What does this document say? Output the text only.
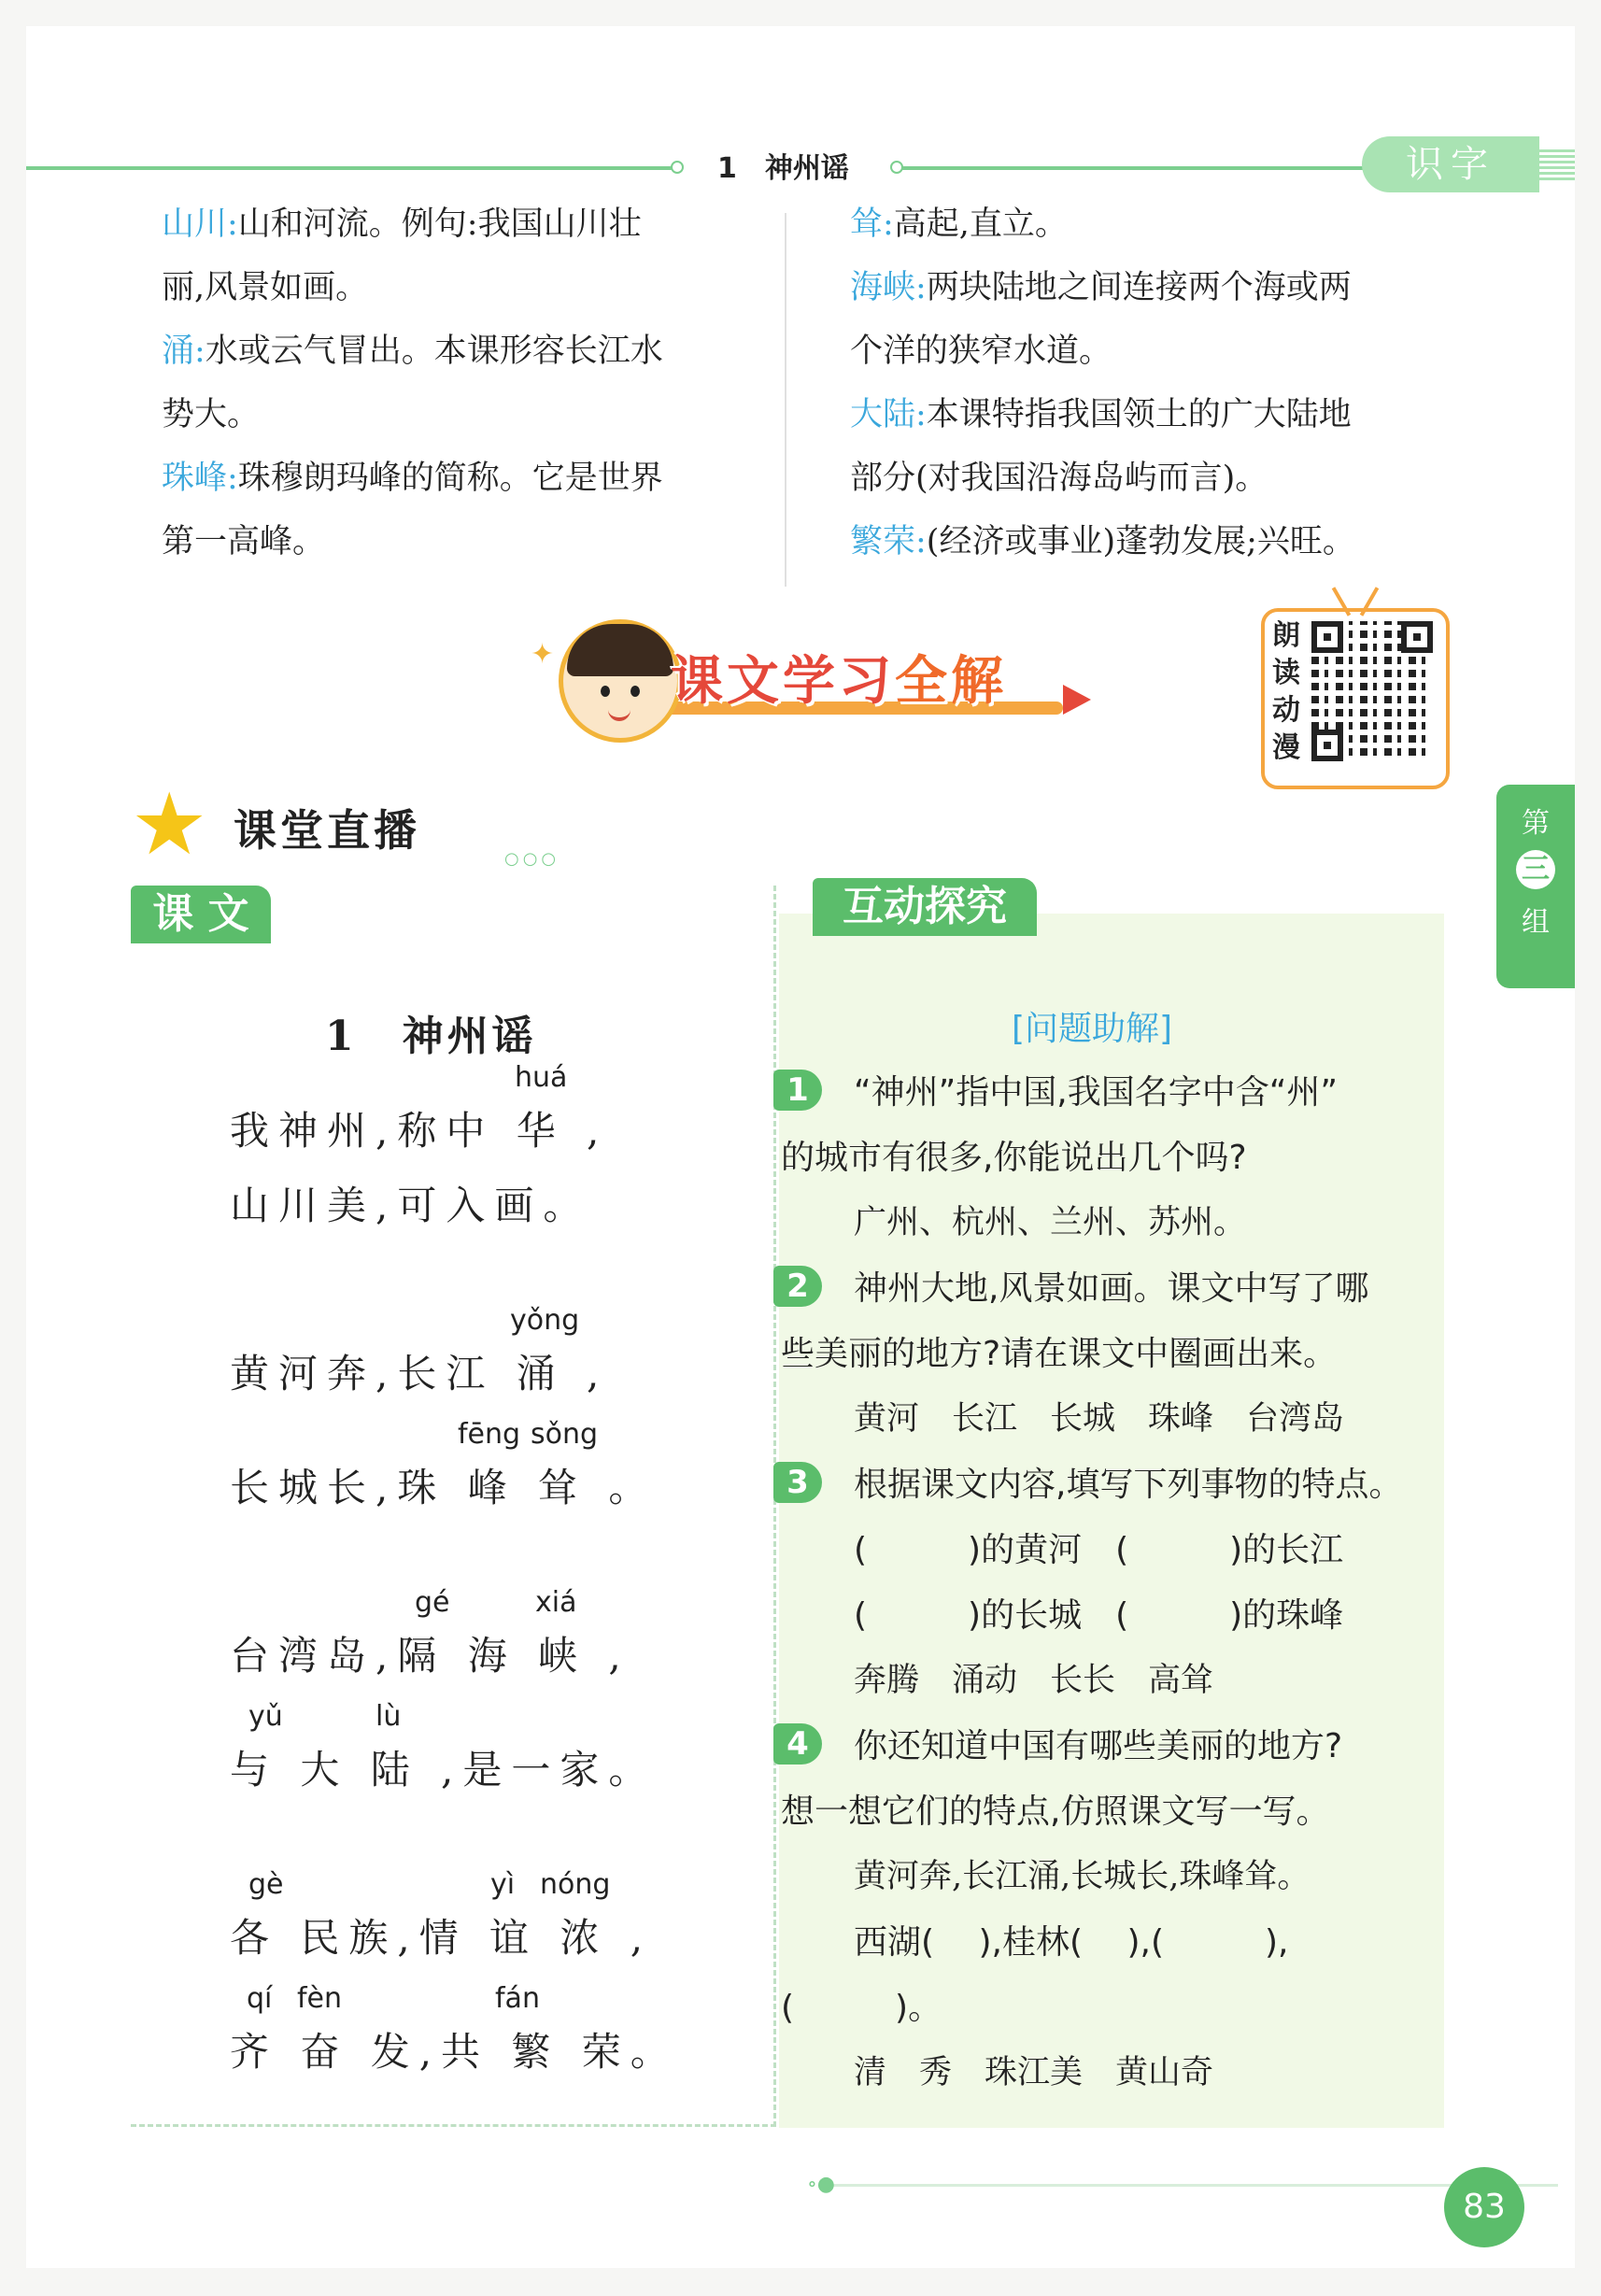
1　神州谣	识字
山川:山和河流。例句:我国山川壮
丽,风景如画。
涌:水或云气冒出。本课形容长江水
势大。
珠峰:珠穆朗玛峰的简称。它是世界
第一高峰。
耸:高起,直立。
海峡:两块陆地之间连接两个海或两
个洋的狭窄水道。
大陆:本课特指我国领土的广大陆地
部分(对我国沿海岛屿而言)。
繁荣:(经济或事业)蓬勃发展;兴旺。
✦ 课文学习全解
朗
读
动
漫
★ 课堂直播
○○○
第
三
组
课 文
1　神州谣
huá
我神州,称中 华 ,
山川美,可入画。
yǒng
黄河奔,长江 涌 ,
fēng sǒng
长城长,珠 峰 耸 。
gé	xiá
台湾岛,隔 海 峡 ,
yǔ	lù
与 大 陆 ,是一家。
gè	yì nóng
各 民族,情 谊 浓 ,
qí fèn	fán
齐 奋 发,共 繁 荣。
互动探究
[问题助解]
1	“神州”指中国,我国名字中含“州”
的城市有很多,你能说出几个吗?
广州、杭州、兰州、苏州。
2	神州大地,风景如画。课文中写了哪
些美丽的地方?请在课文中圈画出来。
黄河　长江　长城　珠峰　台湾岛
3	根据课文内容,填写下列事物的特点。
(　　　)的黄河　(　　　)的长江
(　　　)的长城　(　　　)的珠峰
奔腾　涌动　长长　高耸
4	你还知道中国有哪些美丽的地方?
想一想它们的特点,仿照课文写一写。
黄河奔,长江涌,长城长,珠峰耸。
西湖(　 ),桂林(　 ),(　　　),
(　　　)。
清　秀　珠江美　黄山奇
∘●
83
